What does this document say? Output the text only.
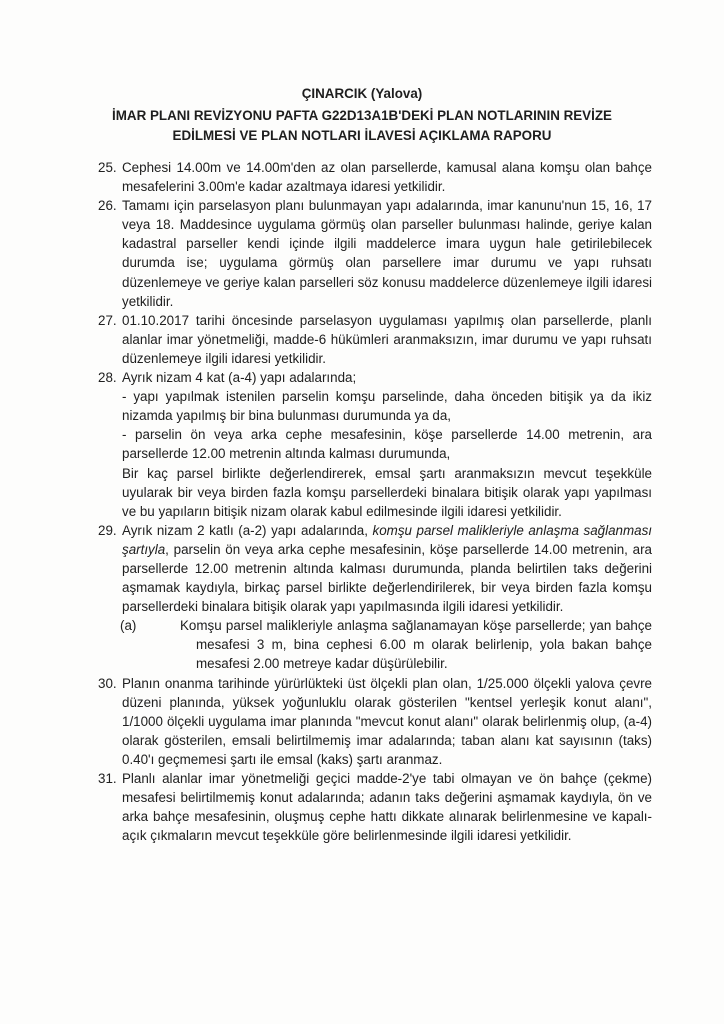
ÇINARCIK (Yalova)
İMAR PLANI REVİZYONU PAFTA G22D13A1B'DEKİ PLAN NOTLARININ REVİZE
EDİLMESİ VE PLAN NOTLARI İLAVESİ AÇIKLAMA RAPORU
25. Cephesi 14.00m ve 14.00m'den az olan parsellerde, kamusal alana komşu olan bahçe mesafelerini 3.00m'e kadar azaltmaya idaresi yetkilidir.

26. Tamamı için parselasyon planı bulunmayan yapı adalarında, imar kanunu'nun 15, 16, 17 veya 18. Maddesince uygulama görmüş olan parseller bulunması halinde, geriye kalan kadastral parseller kendi içinde ilgili maddelerce imara uygun hale getirilebilecek durumda ise; uygulama görmüş olan parsellere imar durumu ve yapı ruhsatı düzenlemeye ve geriye kalan parselleri söz konusu maddelerce düzenlemeye ilgili idaresi yetkilidir.

27. 01.10.2017 tarihi öncesinde parselasyon uygulaması yapılmış olan parsellerde, planlı alanlar imar yönetmeliği, madde-6 hükümleri aranmaksızın, imar durumu ve yapı ruhsatı düzenlemeye ilgili idaresi yetkilidir.

28. Ayrık nizam 4 kat (a-4) yapı adalarında;

- yapı yapılmak istenilen parselin komşu parselinde, daha önceden bitişik ya da ikiz nizamda yapılmış bir bina bulunması durumunda ya da,

- parselin ön veya arka cephe mesafesinin, köşe parsellerde 14.00 metrenin, ara parsellerde 12.00 metrenin altında kalması durumunda,

Bir kaç parsel birlikte değerlendirerek, emsal şartı aranmaksızın mevcut teşekküle uyularak bir veya birden fazla komşu parsellerdeki binalara bitişik olarak yapı yapılması ve bu yapıların bitişik nizam olarak kabul edilmesinde ilgili idaresi yetkilidir.

29. Ayrık nizam 2 katlı (a-2) yapı adalarında, komşu parsel malikleriyle anlaşma sağlanması şartıyla, parselin ön veya arka cephe mesafesinin, köşe parsellerde 14.00 metrenin, ara parsellerde 12.00 metrenin altında kalması durumunda, planda belirtilen taks değerini aşmamak kaydıyla, birkaç parsel birlikte değerlendirilerek, bir veya birden fazla komşu parsellerdeki binalara bitişik olarak yapı yapılmasında ilgili idaresi yetkilidir.

(a)	Komşu parsel malikleriyle anlaşma sağlanamayan köşe parsellerde; yan bahçe mesafesi 3 m, bina cephesi 6.00 m olarak belirlenip, yola bakan bahçe mesafesi 2.00 metreye kadar düşürülebilir.

30. Planın onanma tarihinde yürürlükteki üst ölçekli plan olan, 1/25.000 ölçekli yalova çevre düzeni planında, yüksek yoğunluklu olarak gösterilen "kentsel yerleşik konut alanı", 1/1000 ölçekli uygulama imar planında "mevcut konut alanı" olarak belirlenmiş olup, (a-4) olarak gösterilen, emsali belirtilmemiş imar adalarında; taban alanı kat sayısının (taks) 0.40'ı geçmemesi şartı ile emsal (kaks) şartı aranmaz.

31. Planlı alanlar imar yönetmeliği geçici madde-2'ye tabi olmayan ve ön bahçe (çekme) mesafesi belirtilmemiş konut adalarında; adanın taks değerini aşmamak kaydıyla, ön ve arka bahçe mesafesinin, oluşmuş cephe hattı dikkate alınarak belirlenmesine ve kapalı-açık çıkmaların mevcut teşekküle göre belirlenmesinde ilgili idaresi yetkilidir.
